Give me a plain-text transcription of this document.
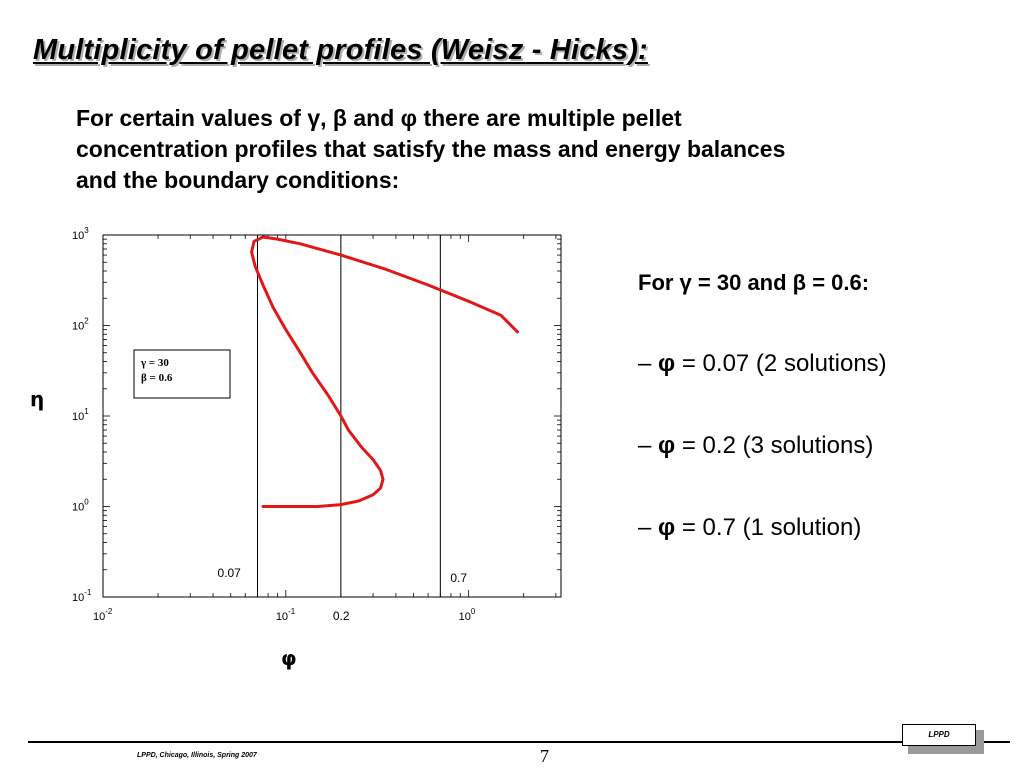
Multiplicity of pellet profiles (Weisz - Hicks):
For certain values of γ, β and φ there are multiple pellet
concentration profiles that satisfy the mass and energy balances
and the boundary conditions:
$10^{-2}$	$10^{-1}$	$10^0$
$10^{-1}$
$10^0$
$10^1$
$10^2$
$10^3$
0.07
0.2
0.7
γ = 30
β = 0.6
φ
η
For γ = 30 and β = 0.6:
– φ = 0.07 (2 solutions)
– φ = 0.2 (3 solutions)
– φ = 0.7 (1 solution)
LPPD, Chicago, Illinois, Spring 2007	7
LPPD
